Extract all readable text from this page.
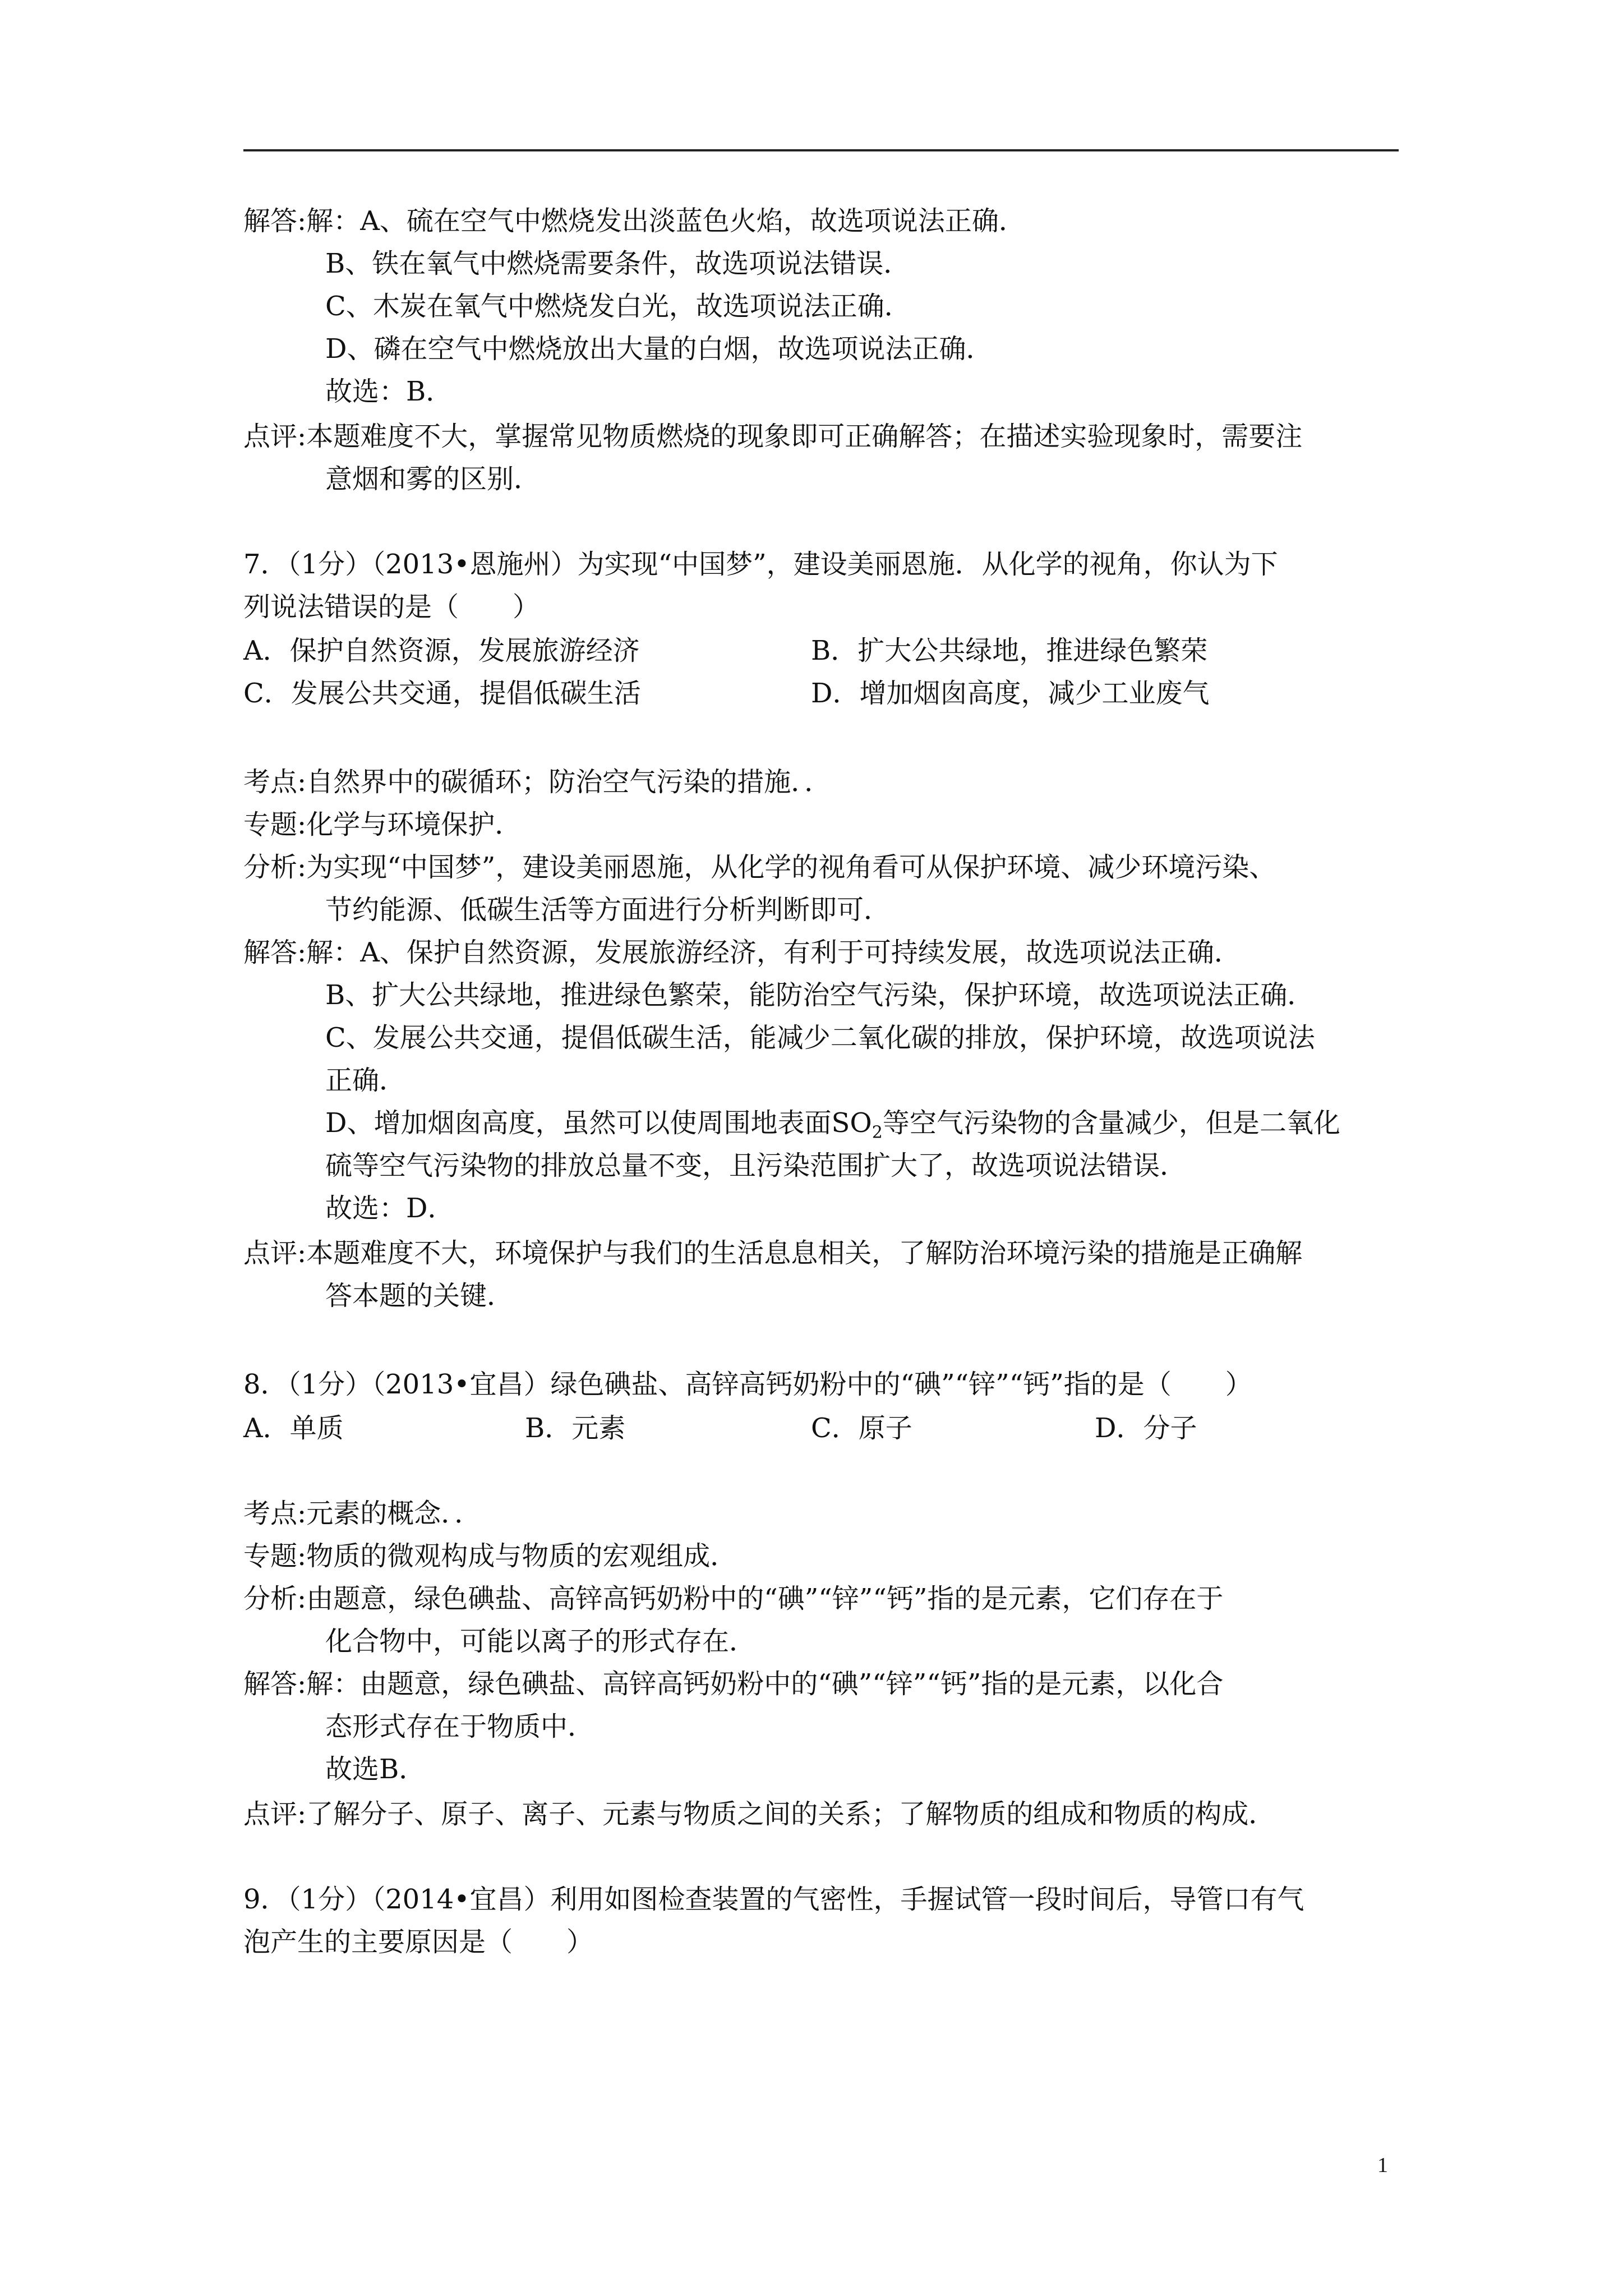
解答:解：A、硫在空气中燃烧发出淡蓝色火焰，故选项说法正确．
B、铁在氧气中燃烧需要条件，故选项说法错误．
C、木炭在氧气中燃烧发白光，故选项说法正确．
D、磷在空气中燃烧放出大量的白烟，故选项说法正确．
故选：B．
点评:本题难度不大，掌握常见物质燃烧的现象即可正确解答；在描述实验现象时，需要注
意烟和雾的区别．
7．（1分）（2013•恩施州）为实现“中国梦”，建设美丽恩施．从化学的视角，你认为下
列说法错误的是（　　）
A．保护自然资源，发展旅游经济	B．扩大公共绿地，推进绿色繁荣
C．发展公共交通，提倡低碳生活	D．增加烟囱高度，减少工业废气
考点:自然界中的碳循环；防治空气污染的措施．．
专题:化学与环境保护．
分析:为实现“中国梦”，建设美丽恩施，从化学的视角看可从保护环境、减少环境污染、
节约能源、低碳生活等方面进行分析判断即可．
解答:解：A、保护自然资源，发展旅游经济，有利于可持续发展，故选项说法正确．
B、扩大公共绿地，推进绿色繁荣，能防治空气污染，保护环境，故选项说法正确．
C、发展公共交通，提倡低碳生活，能减少二氧化碳的排放，保护环境，故选项说法
正确．
D、增加烟囱高度，虽然可以使周围地表面$SO_2$等空气污染物的含量减少，但是二氧化
硫等空气污染物的排放总量不变，且污染范围扩大了，故选项说法错误．
故选：D．
点评:本题难度不大，环境保护与我们的生活息息相关，了解防治环境污染的措施是正确解
答本题的关键．
8．（1分）（2013•宜昌）绿色碘盐、高锌高钙奶粉中的“碘”“锌”“钙”指的是（　　）
A．单质	B．元素	C．原子	D．分子
考点:元素的概念．．
专题:物质的微观构成与物质的宏观组成．
分析:由题意，绿色碘盐、高锌高钙奶粉中的“碘”“锌”“钙”指的是元素，它们存在于
化合物中，可能以离子的形式存在．
解答:解：由题意，绿色碘盐、高锌高钙奶粉中的“碘”“锌”“钙”指的是元素，以化合
态形式存在于物质中．
故选B．
点评:了解分子、原子、离子、元素与物质之间的关系；了解物质的组成和物质的构成．
9．（1分）（2014•宜昌）利用如图检查装置的气密性，手握试管一段时间后，导管口有气
泡产生的主要原因是（　　）
1
